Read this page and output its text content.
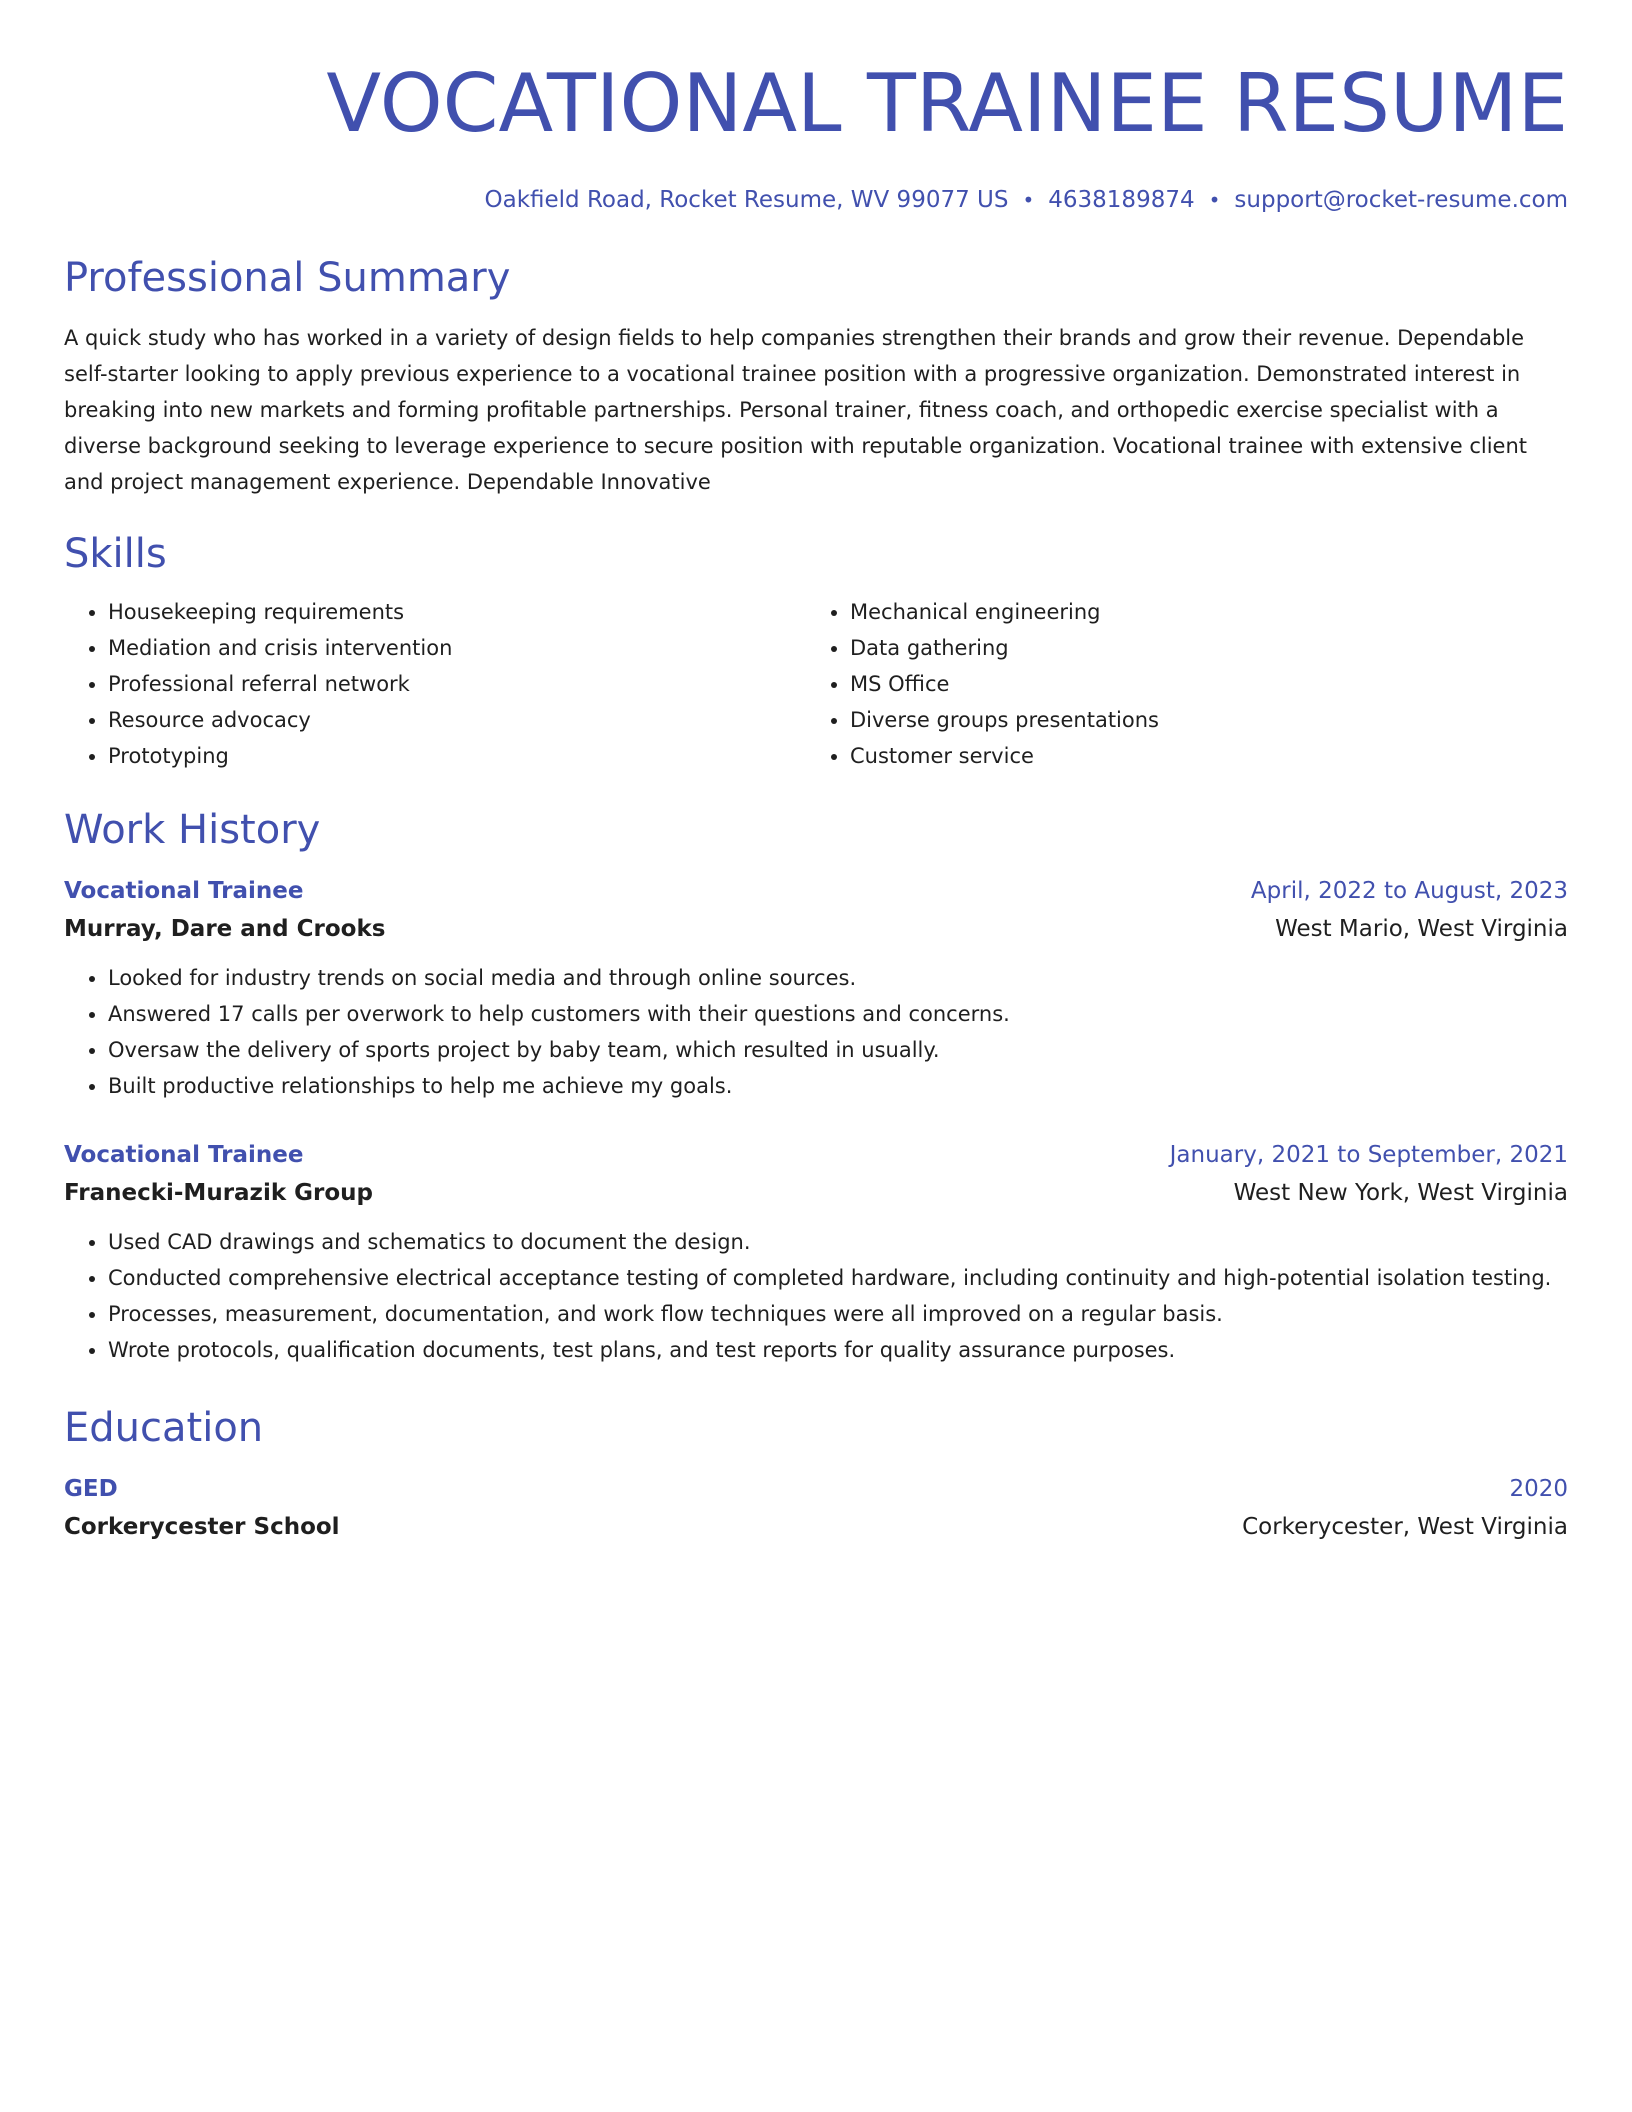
VOCATIONAL TRAINEE RESUME
Oakfield Road, Rocket Resume, WV 99077 US • 4638189874 • support@rocket-resume.com
Professional Summary
A quick study who has worked in a variety of design fields to help companies strengthen their brands and grow their revenue. Dependable self-starter looking to apply previous experience to a vocational trainee position with a progressive organization. Demonstrated interest in breaking into new markets and forming profitable partnerships. Personal trainer, fitness coach, and orthopedic exercise specialist with a diverse background seeking to leverage experience to secure position with reputable organization. Vocational trainee with extensive client and project management experience. Dependable Innovative
Skills
• Housekeeping requirements
• Mediation and crisis intervention
• Professional referral network
• Resource advocacy
• Prototyping
• Mechanical engineering
• Data gathering
• MS Office
• Diverse groups presentations
• Customer service
Work History
Vocational Trainee	April, 2022 to August, 2023
Murray, Dare and Crooks	West Mario, West Virginia
• Looked for industry trends on social media and through online sources.
• Answered 17 calls per overwork to help customers with their questions and concerns.
• Oversaw the delivery of sports project by baby team, which resulted in usually.
• Built productive relationships to help me achieve my goals.
Vocational Trainee	January, 2021 to September, 2021
Franecki-Murazik Group	West New York, West Virginia
• Used CAD drawings and schematics to document the design.
• Conducted comprehensive electrical acceptance testing of completed hardware, including continuity and high-potential isolation testing.
• Processes, measurement, documentation, and work flow techniques were all improved on a regular basis.
• Wrote protocols, qualification documents, test plans, and test reports for quality assurance purposes.
Education
GED	2020
Corkerycester School	Corkerycester, West Virginia
